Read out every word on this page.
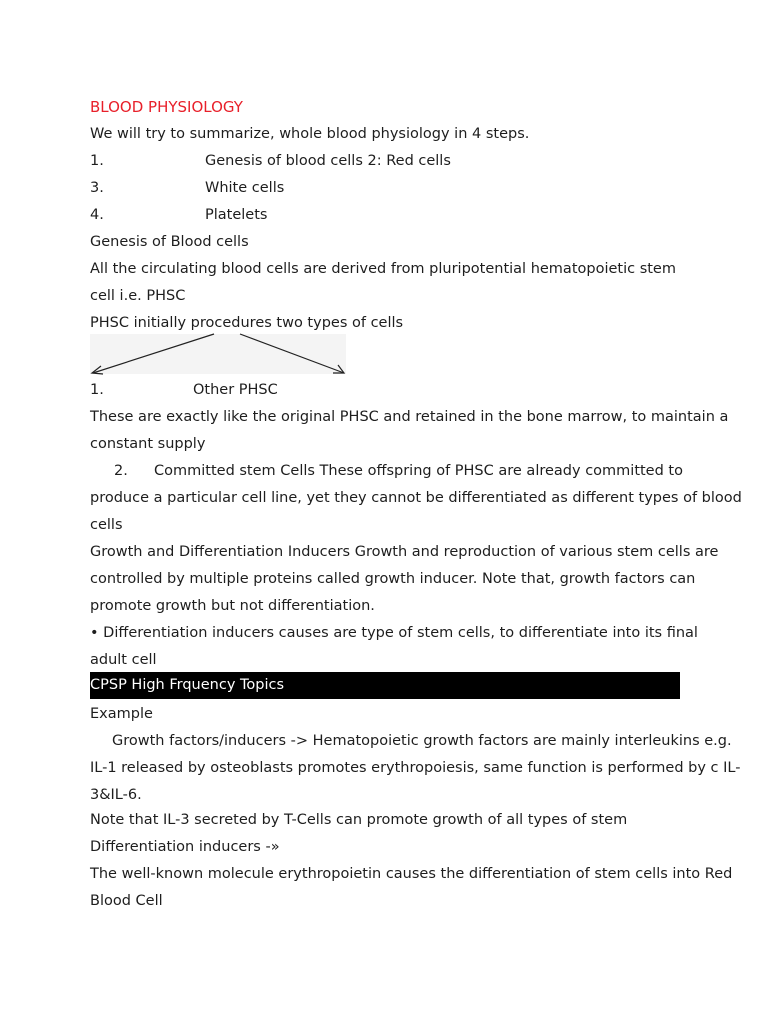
BLOOD PHYSIOLOGY
We will try to summarize, whole blood physiology in 4 steps.
1.	Genesis of blood cells 2: Red cells
3.	White cells
4.	Platelets
Genesis of Blood cells
All the circulating blood cells are derived from pluripotential hematopoietic stem
cell i.e. PHSC
PHSC initially procedures two types of cells
1.	Other PHSC
These are exactly like the original PHSC and retained in the bone marrow, to maintain a
constant supply
2. Committed stem Cells These offspring of PHSC are already committed to
produce a particular cell line, yet they cannot be differentiated as different types of blood
cells
Growth and Differentiation Inducers Growth and reproduction of various stem cells are
controlled by multiple proteins called growth inducer. Note that, growth factors can
promote growth but not differentiation.
• Differentiation inducers causes are type of stem cells, to differentiate into its final
adult cell
CPSP High Frquency Topics
Example
Growth factors/inducers -> Hematopoietic growth factors are mainly interleukins e.g.
IL-1 released by osteoblasts promotes erythropoiesis, same function is performed by c IL-
3&IL-6.
Note that IL-3 secreted by T-Cells can promote growth of all types of stem
Differentiation inducers -»
The well-known molecule erythropoietin causes the differentiation of stem cells into Red
Blood Cell
